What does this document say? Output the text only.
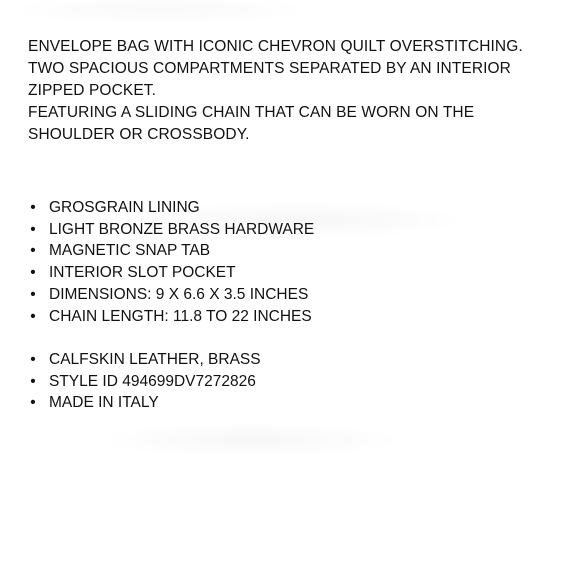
ENVELOPE BAG WITH ICONIC CHEVRON QUILT OVERSTITCHING.

TWO SPACIOUS COMPARTMENTS SEPARATED BY AN INTERIOR

ZIPPED POCKET.

FEATURING A SLIDING CHAIN THAT CAN BE WORN ON THE

SHOULDER OR CROSSBODY.

• GROSGRAIN LINING
• LIGHT BRONZE BRASS HARDWARE
• MAGNETIC SNAP TAB
• INTERIOR SLOT POCKET
• DIMENSIONS: 9 X 6.6 X 3.5 INCHES
• CHAIN LENGTH: 11.8 TO 22 INCHES
• CALFSKIN LEATHER, BRASS
• STYLE ID 494699DV7272826
• MADE IN ITALY
